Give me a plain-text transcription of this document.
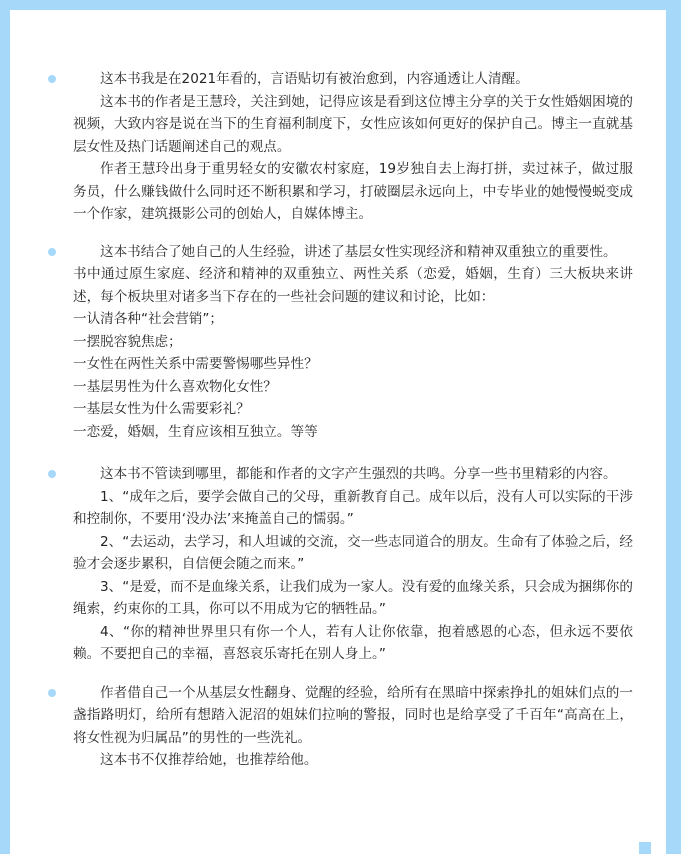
这本书我是在2021年看的，言语贴切有被治愈到，内容通透让人清醒。

这本书的作者是王慧玲，关注到她，记得应该是看到这位博主分享的关于女性婚姻困境的视频，大致内容是说在当下的生育福利制度下，女性应该如何更好的保护自己。博主一直就基层女性及热门话题阐述自己的观点。

作者王慧玲出身于重男轻女的安徽农村家庭，19岁独自去上海打拼，卖过袜子，做过服务员，什么赚钱做什么同时还不断积累和学习，打破圈层永远向上，中专毕业的她慢慢蜕变成一个作家，建筑摄影公司的创始人，自媒体博主。

这本书结合了她自己的人生经验，讲述了基层女性实现经济和精神双重独立的重要性。

书中通过原生家庭、经济和精神的双重独立、两性关系（恋爱，婚姻，生育）三大板块来讲述，每个板块里对诸多当下存在的一些社会问题的建议和讨论，比如：

一认清各种“社会营销”；

一摆脱容貌焦虑；

一女性在两性关系中需要警惕哪些异性？

一基层男性为什么喜欢物化女性？

一基层女性为什么需要彩礼？

一恋爱，婚姻，生育应该相互独立。等等

这本书不管读到哪里，都能和作者的文字产生强烈的共鸣。分享一些书里精彩的内容。

1、“成年之后，要学会做自己的父母，重新教育自己。成年以后，没有人可以实际的干涉和控制你，不要用‘没办法’来掩盖自己的懦弱。”

2、“去运动，去学习，和人坦诚的交流，交一些志同道合的朋友。生命有了体验之后，经验才会逐步累积，自信便会随之而来。”

3、“是爱，而不是血缘关系，让我们成为一家人。没有爱的血缘关系，只会成为捆绑你的绳索，约束你的工具，你可以不用成为它的牺牲品。”

4、“你的精神世界里只有你一个人，若有人让你依靠，抱着感恩的心态，但永远不要依赖。不要把自己的幸福，喜怒哀乐寄托在别人身上。”

作者借自己一个从基层女性翻身、觉醒的经验，给所有在黑暗中探索挣扎的姐妹们点的一盏指路明灯，给所有想踏入泥沼的姐妹们拉响的警报，同时也是给享受了千百年“高高在上，将女性视为归属品”的男性的一些洗礼。

这本书不仅推荐给她，也推荐给他。
